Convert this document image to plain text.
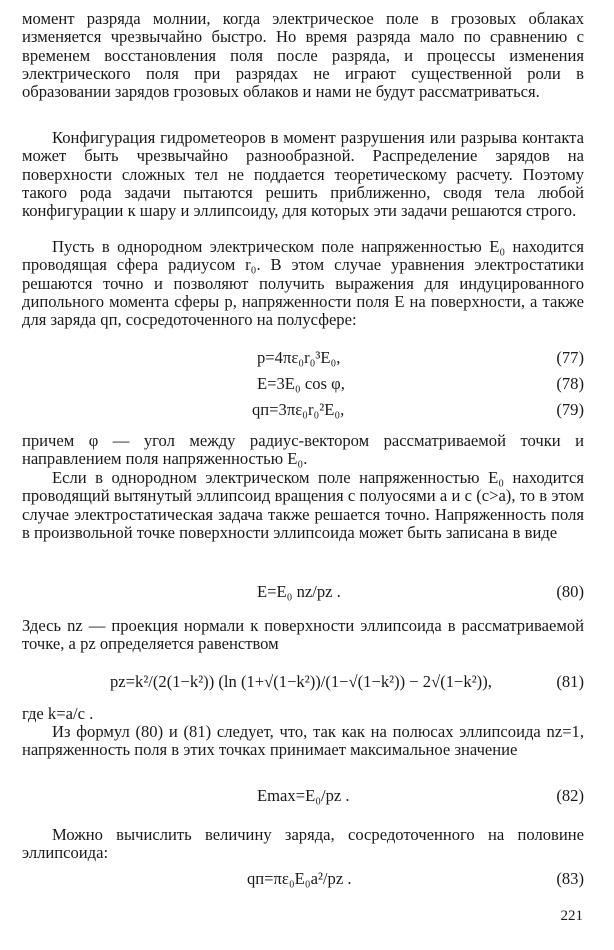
момент разряда молнии, когда электрическое поле в грозовых облаках изменяется чрезвычайно быстро. Но время разряда мало по сравнению с временем восстановления поля после разряда, и процессы изменения электрического поля при разрядах не играют существенной роли в образовании зарядов грозовых облаков и нами не будут рассматриваться.
Конфигурация гидрометеоров в момент разрушения или разрыва контакта может быть чрезвычайно разнообразной. Распределение зарядов на поверхности сложных тел не поддается теоретическому расчету. Поэтому такого рода задачи пытаются решить приближенно, сводя тела любой конфигурации к шару и эллипсоиду, для которых эти задачи решаются строго.
Пусть в однородном электрическом поле напряженностью E₀ находится проводящая сфера радиусом r₀. В этом случае уравнения электростатики решаются точно и позволяют получить выражения для индуцированного дипольного момента сферы p, напряженности поля E на поверхности, а также для заряда qп, сосредоточенного на полусфере:
p=4πε₀r₀³E₀,	(77)
E=3E₀ cos φ,	(78)
qп=3πε₀r₀²E₀,	(79)
причем φ — угол между радиус-вектором рассматриваемой точки и направлением поля напряженностью E₀.
Если в однородном электрическом поле напряженностью E₀ находится проводящий вытянутый эллипсоид вращения с полуосями a и c (c>a), то в этом случае электростатическая задача также решается точно. Напряженность поля в произвольной точке поверхности эллипсоида может быть записана в виде
E=E₀ nz/pz .	(80)
Здесь nz — проекция нормали к поверхности эллипсоида в рассматриваемой точке, а pz определяется равенством
pz=k²/(2(1−k²)) (ln (1+√(1−k²))/(1−√(1−k²)) − 2√(1−k²)),	(81)
где k=a/c .
Из формул (80) и (81) следует, что, так как на полюсах эллипсоида nz=1, напряженность поля в этих точках принимает максимальное значение
Emax=E₀/pz .	(82)
Можно вычислить величину заряда, сосредоточенного на половине эллипсоида:
qп=πε₀E₀a²/pz .	(83)
221
